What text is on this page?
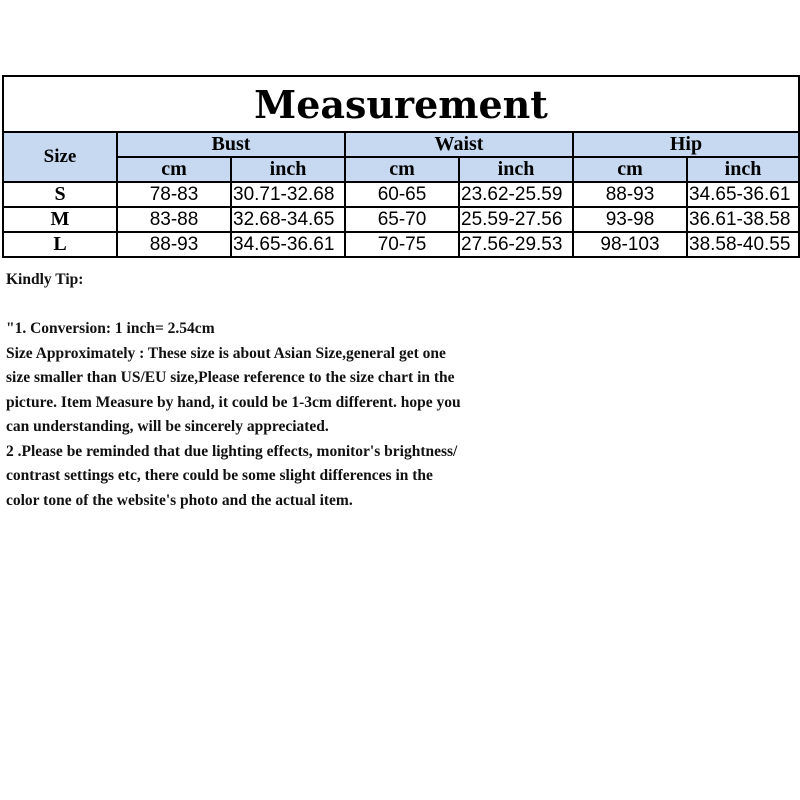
Measurement						
Size	Bust		Waist		Hip	
	cm	inch	cm	inch	cm	inch
S	78-83	30.71-32.68	60-65	23.62-25.59	88-93	34.65-36.61
M	83-88	32.68-34.65	65-70	25.59-27.56	93-98	36.61-38.58
L	88-93	34.65-36.61	70-75	27.56-29.53	98-103	38.58-40.55
Kindly Tip:
"1. Conversion: 1 inch= 2.54cm
Size Approximately : These size is about Asian Size,general get one
size smaller than US/EU size,Please reference to the size chart in the
picture. Item Measure by hand, it could be 1-3cm different. hope you
can understanding, will be sincerely appreciated.
2 .Please be reminded that due lighting effects, monitor's brightness/
contrast settings etc, there could be some slight differences in the
color tone of the website's photo and the actual item.
